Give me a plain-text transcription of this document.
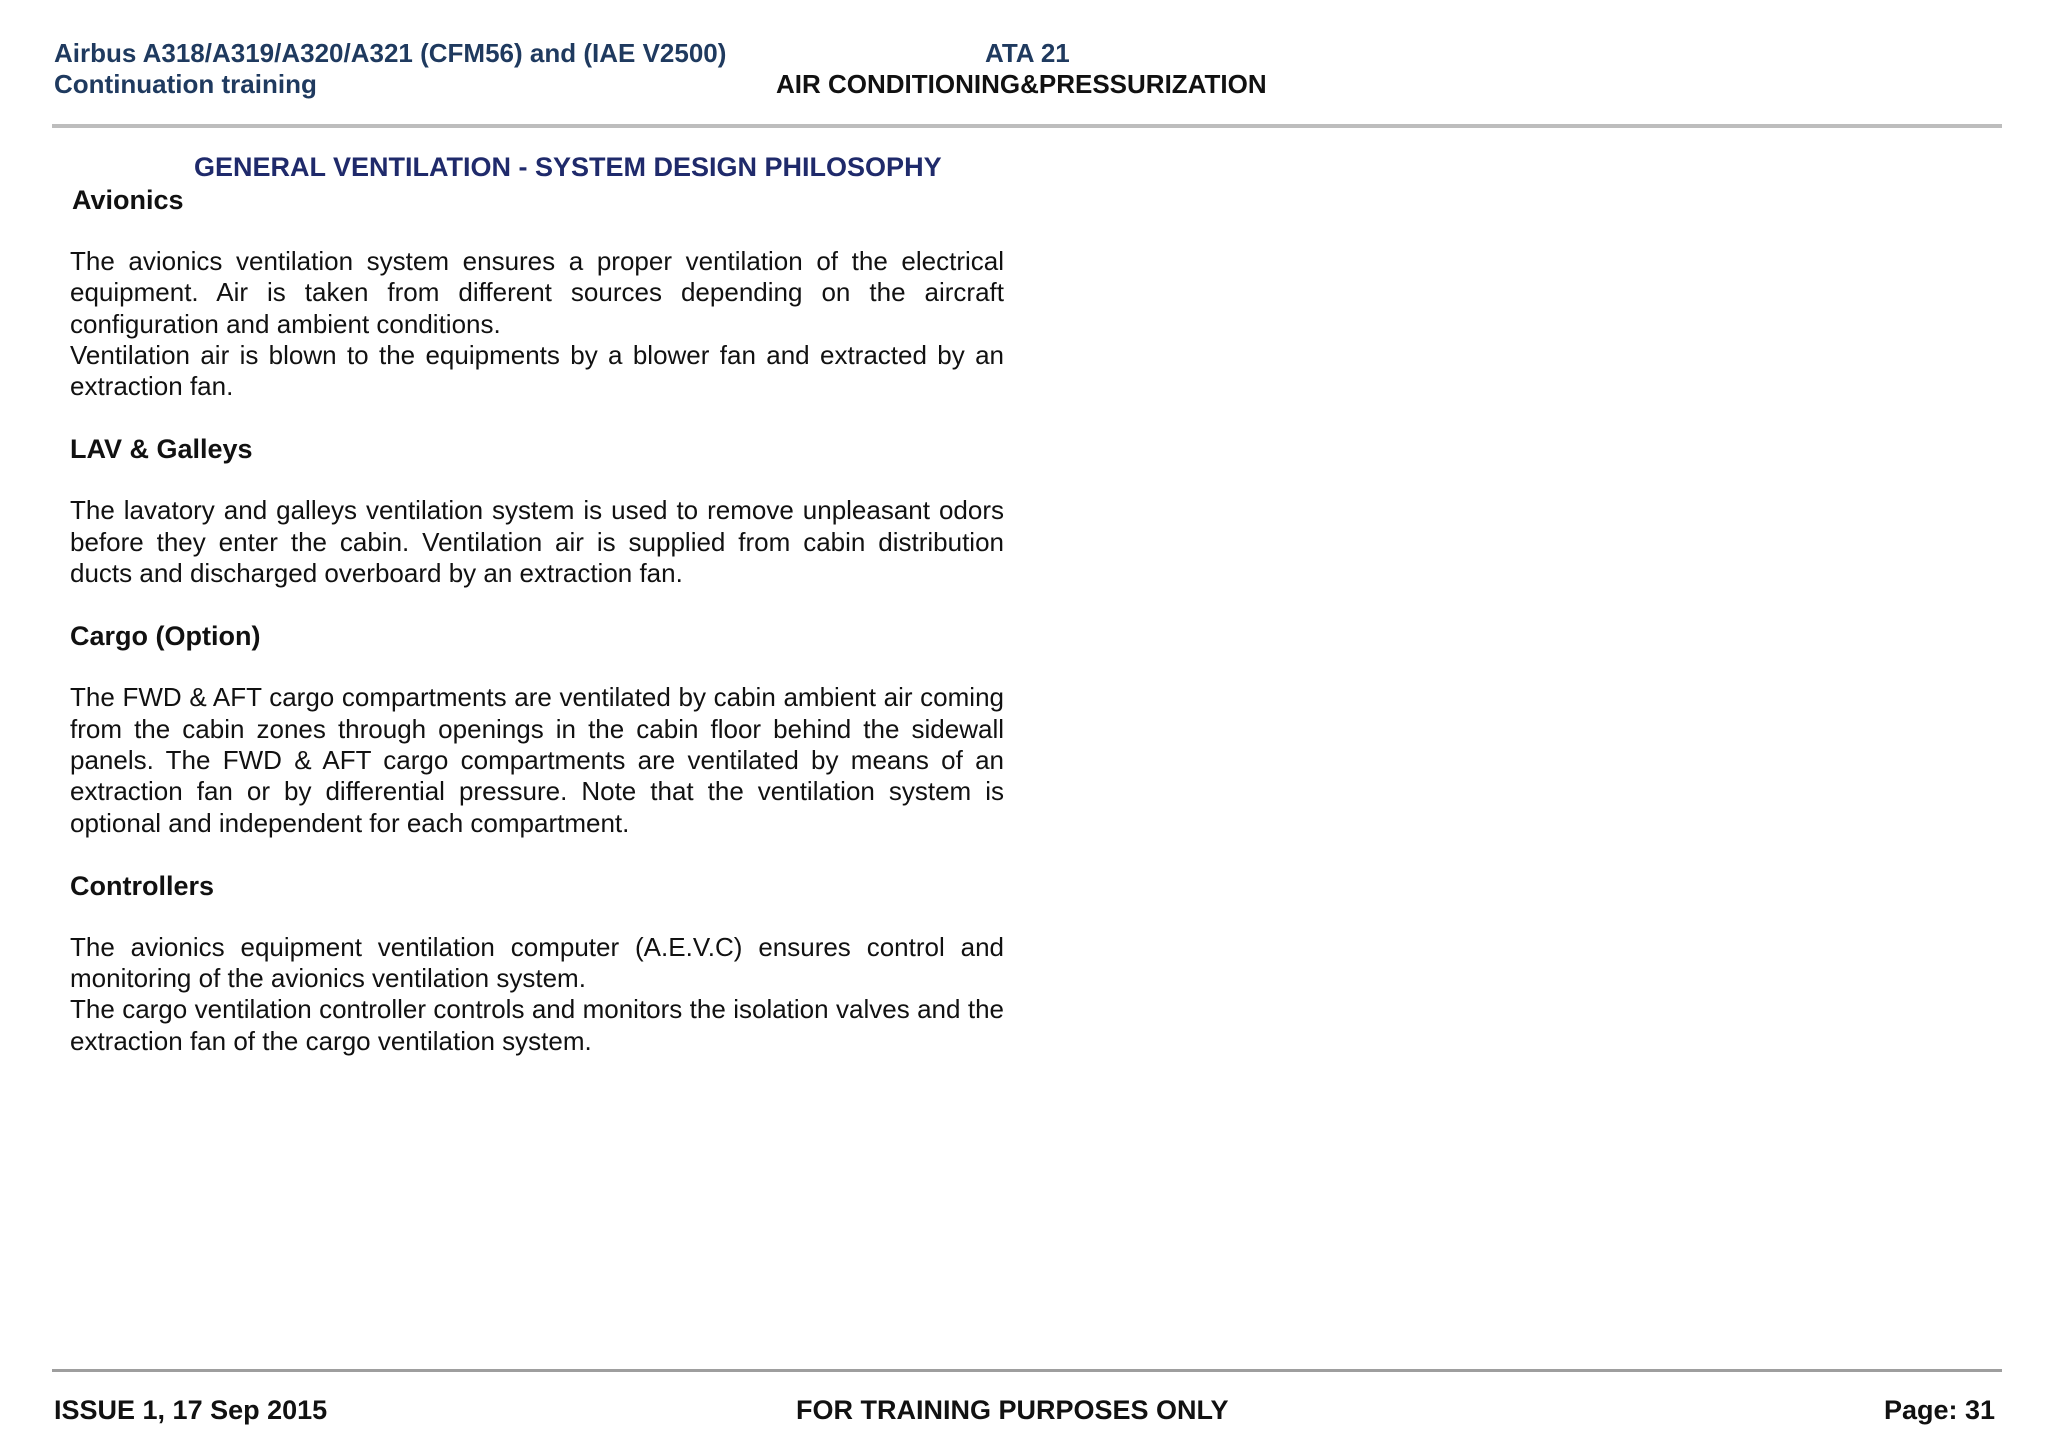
Airbus A318/A319/A320/A321 (CFM56) and (IAE V2500)
Continuation training
ATA 21
AIR CONDITIONING&PRESSURIZATION
GENERAL VENTILATION - SYSTEM DESIGN PHILOSOPHY
Avionics

The avionics ventilation system ensures a proper ventilation of the electrical equipment. Air is taken from different sources depending on the aircraft configuration and ambient conditions.

Ventilation air is blown to the equipments by a blower fan and extracted by an extraction fan.

LAV & Galleys

The lavatory and galleys ventilation system is used to remove unpleasant odors before they enter the cabin. Ventilation air is supplied from cabin distribution ducts and discharged overboard by an extraction fan.

Cargo (Option)

The FWD & AFT cargo compartments are ventilated by cabin ambient air coming from the cabin zones through openings in the cabin floor behind the sidewall panels. The FWD & AFT cargo compartments are ventilated by means of an extraction fan or by differential pressure. Note that the ventilation system is optional and independent for each compartment.

Controllers

The avionics equipment ventilation computer (A.E.V.C) ensures control and monitoring of the avionics ventilation system.

The cargo ventilation controller controls and monitors the isolation valves and the extraction fan of the cargo ventilation system.

ISSUE 1, 17 Sep 2015	FOR TRAINING PURPOSES ONLY	Page: 31
